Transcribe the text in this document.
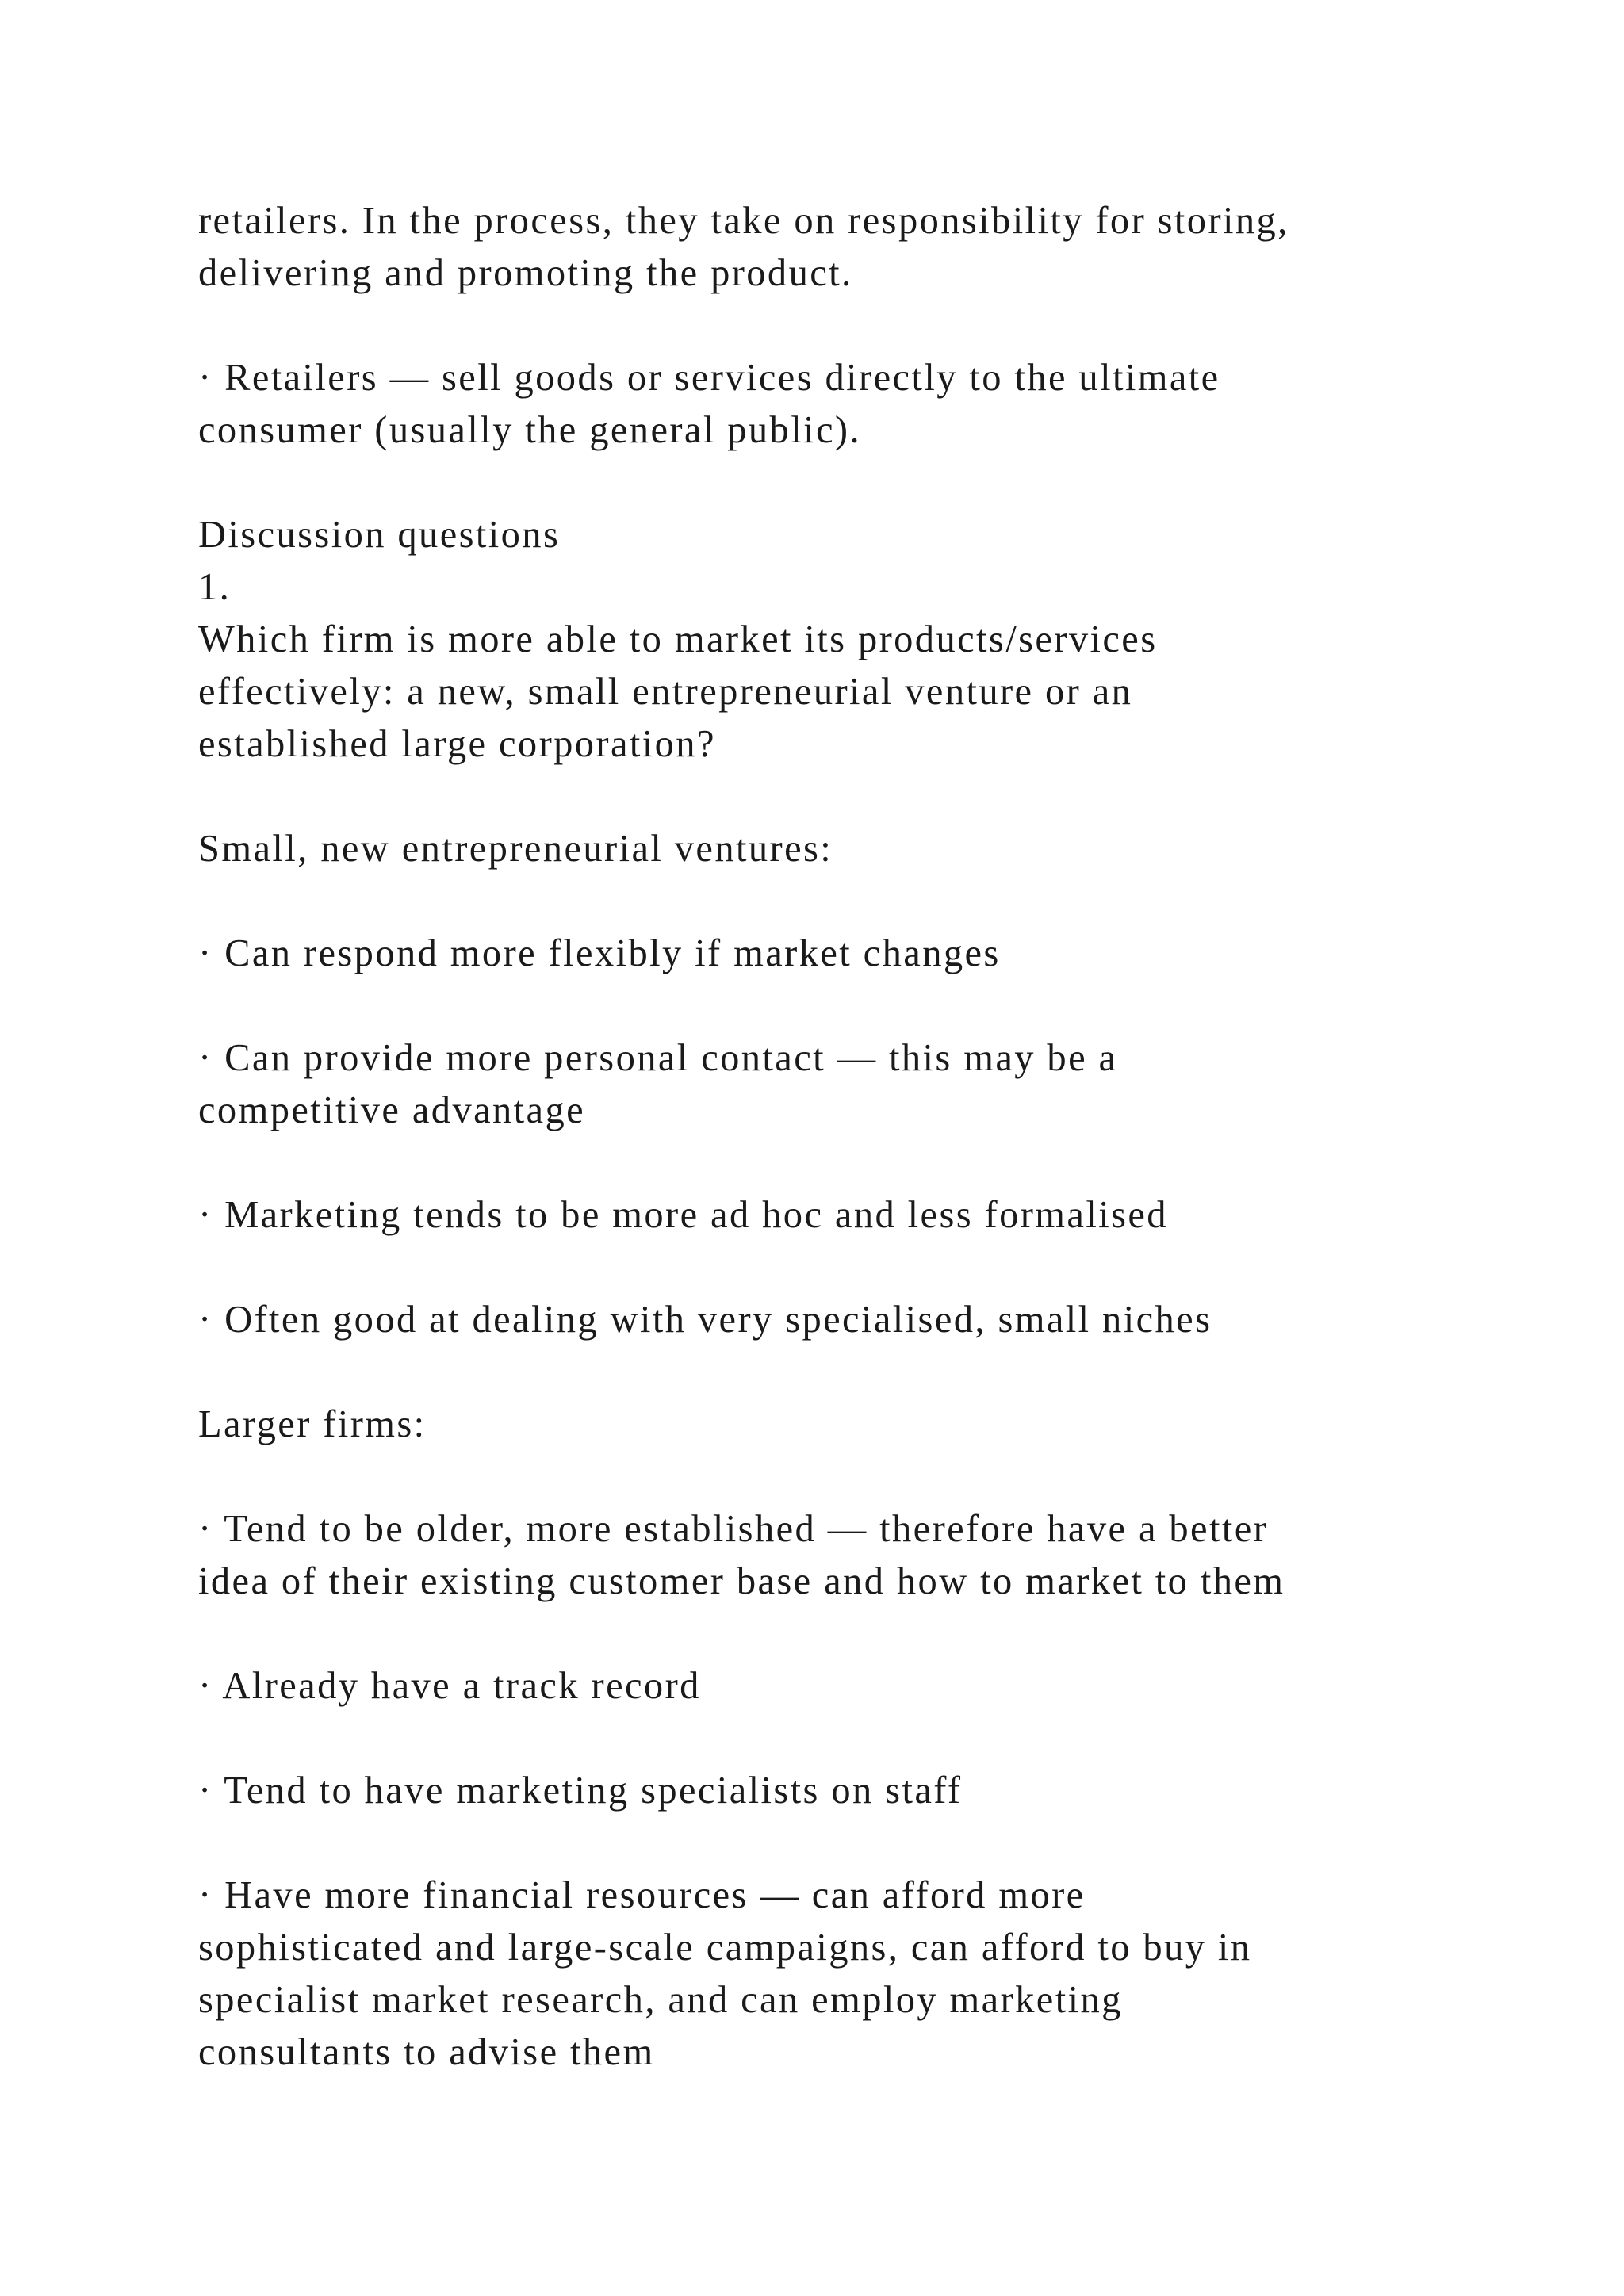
retailers. In the process, they take on responsibility for storing,
delivering and promoting the product.
· Retailers — sell goods or services directly to the ultimate
consumer (usually the general public).
Discussion questions
1.
Which firm is more able to market its products/services
effectively: a new, small entrepreneurial venture or an
established large corporation?
Small, new entrepreneurial ventures:
· Can respond more flexibly if market changes
· Can provide more personal contact — this may be a
competitive advantage
· Marketing tends to be more ad hoc and less formalised
· Often good at dealing with very specialised, small niches
Larger firms:
· Tend to be older, more established — therefore have a better
idea of their existing customer base and how to market to them
· Already have a track record
· Tend to have marketing specialists on staff
· Have more financial resources — can afford more
sophisticated and large-scale campaigns, can afford to buy in
specialist market research, and can employ marketing
consultants to advise them
